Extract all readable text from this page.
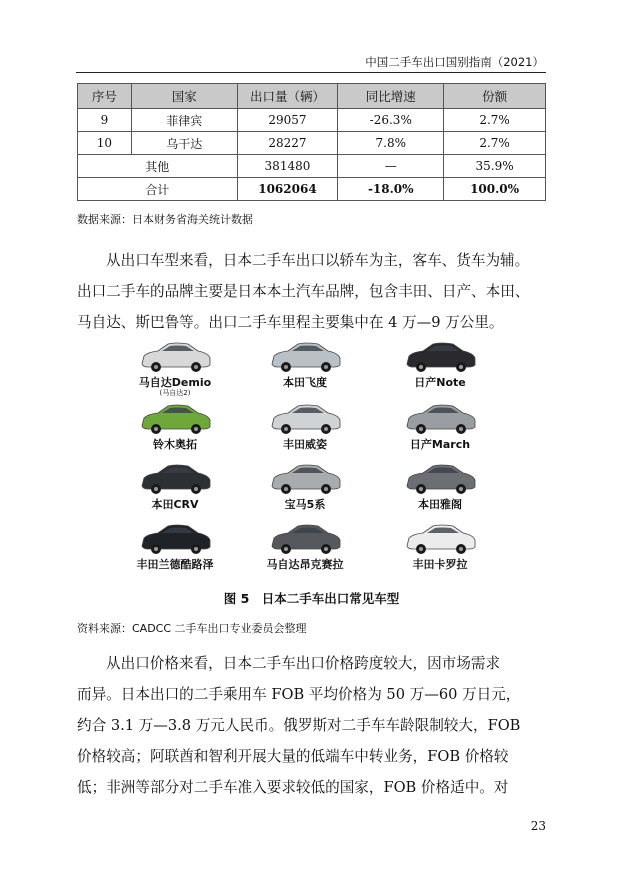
中国二手车出口国别指南（2021）
序号	国家	出口量（辆）	同比增速	份额
9	菲律宾	29057	-26.3%	2.7%
10	乌干达	28227	7.8%	2.7%
其他		381480	—	35.9%
合计		1062064	-18.0%	100.0%
数据来源：日本财务省海关统计数据
从出口车型来看，日本二手车出口以轿车为主，客车、货车为辅。
出口二手车的品牌主要是日本本土汽车品牌，包含丰田、日产、本田、
马自达、斯巴鲁等。出口二手车里程主要集中在 4 万—9 万公里。
马自达Demio
(马自达2)
本田飞度	日产Note
铃木奥拓	丰田威姿	日产March
本田CRV	宝马5系	本田雅阁
丰田兰德酷路泽	马自达昂克赛拉	丰田卡罗拉
图 5　日本二手车出口常见车型
资料来源：CADCC 二手车出口专业委员会整理
从出口价格来看，日本二手车出口价格跨度较大，因市场需求
而异。日本出口的二手乘用车 FOB 平均价格为 50 万—60 万日元，
约合 3.1 万—3.8 万元人民币。俄罗斯对二手车车龄限制较大，FOB
价格较高；阿联酋和智利开展大量的低端车中转业务，FOB 价格较
低；非洲等部分对二手车准入要求较低的国家，FOB 价格适中。对
23
